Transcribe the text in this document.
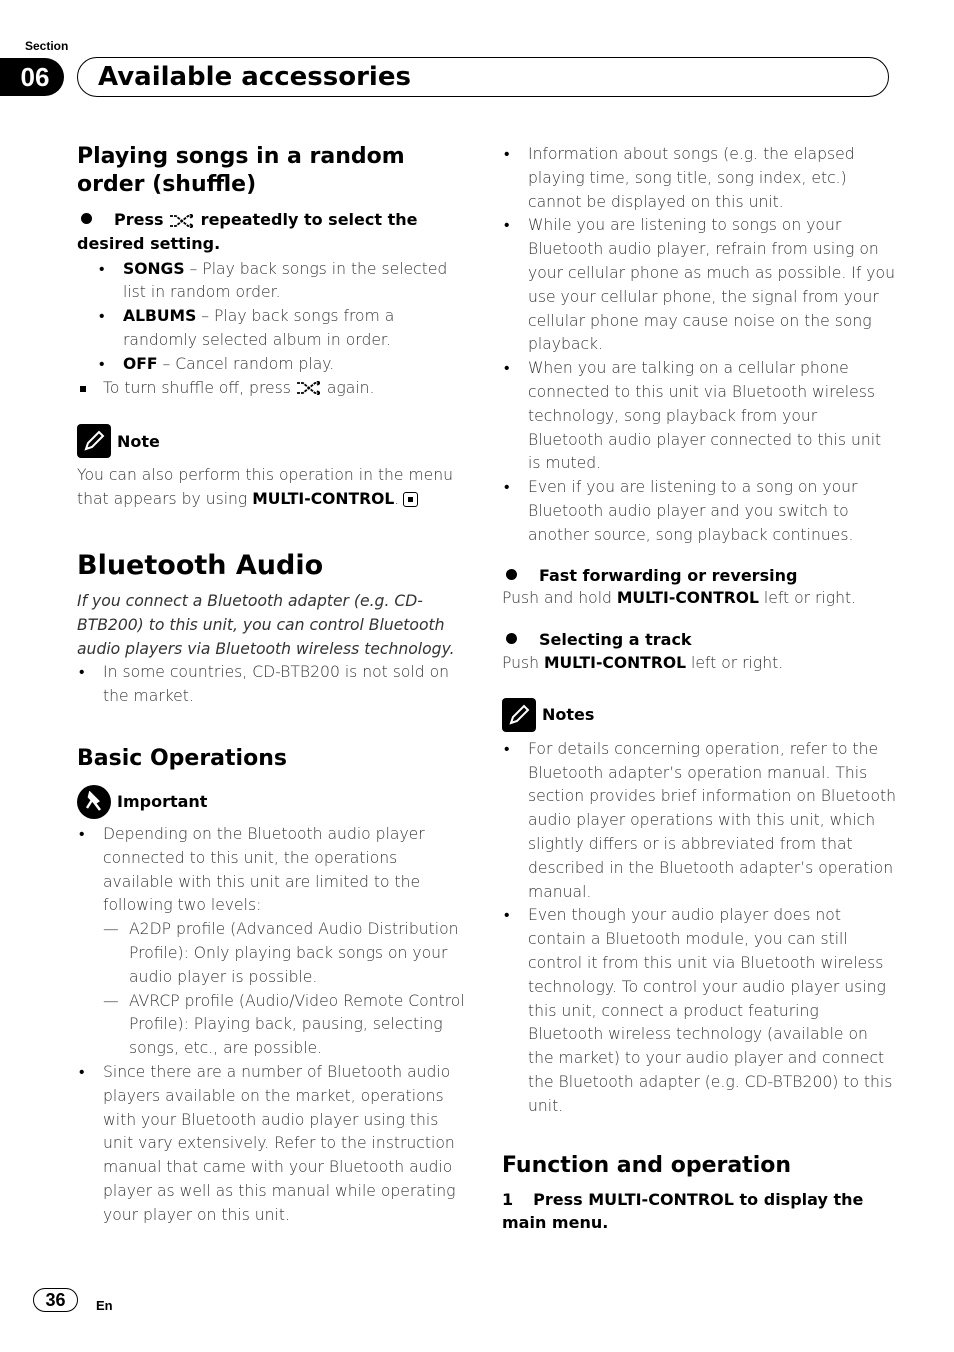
Section
06	Available accessories
Playing songs in a random order (shuffle)
Press repeatedly to select the desired setting.
• SONGS – Play back songs in the selected list in random order.
• ALBUMS – Play back songs from a randomly selected album in order.
• OFF – Cancel random play.
To turn shuffle off, press again.
Note

You can also perform this operation in the menu that appears by using MULTI-CONTROL.

Bluetooth Audio

If you connect a Bluetooth adapter (e.g. CD-BTB200) to this unit, you can control Bluetooth audio players via Bluetooth wireless technology.

• In some countries, CD-BTB200 is not sold on the market.
Basic Operations
Important
• Depending on the Bluetooth audio player connected to this unit, the operations available with this unit are limited to the following two levels:
— A2DP profile (Advanced Audio Distribution Profile): Only playing back songs on your audio player is possible.
— AVRCP profile (Audio/Video Remote Control Profile): Playing back, pausing, selecting songs, etc., are possible.
• Since there are a number of Bluetooth audio players available on the market, operations with your Bluetooth audio player using this unit vary extensively. Refer to the instruction manual that came with your Bluetooth audio player as well as this manual while operating your player on this unit.
• Information about songs (e.g. the elapsed playing time, song title, song index, etc.) cannot be displayed on this unit.
• While you are listening to songs on your Bluetooth audio player, refrain from using on your cellular phone as much as possible. If you use your cellular phone, the signal from your cellular phone may cause noise on the song playback.
• When you are talking on a cellular phone connected to this unit via Bluetooth wireless technology, song playback from your Bluetooth audio player connected to this unit is muted.
• Even if you are listening to a song on your Bluetooth audio player and you switch to another source, song playback continues.
Fast forwarding or reversing

Push and hold MULTI-CONTROL left or right.

Selecting a track

Push MULTI-CONTROL left or right.

Notes
• For details concerning operation, refer to the Bluetooth adapter’s operation manual. This section provides brief information on Bluetooth audio player operations with this unit, which slightly differs or is abbreviated from that described in the Bluetooth adapter’s operation manual.
• Even though your audio player does not contain a Bluetooth module, you can still control it from this unit via Bluetooth wireless technology. To control your audio player using this unit, connect a product featuring Bluetooth wireless technology (available on the market) to your audio player and connect the Bluetooth adapter (e.g. CD-BTB200) to this unit.
Function and operation
1 Press MULTI-CONTROL to display the main menu.
36	En
